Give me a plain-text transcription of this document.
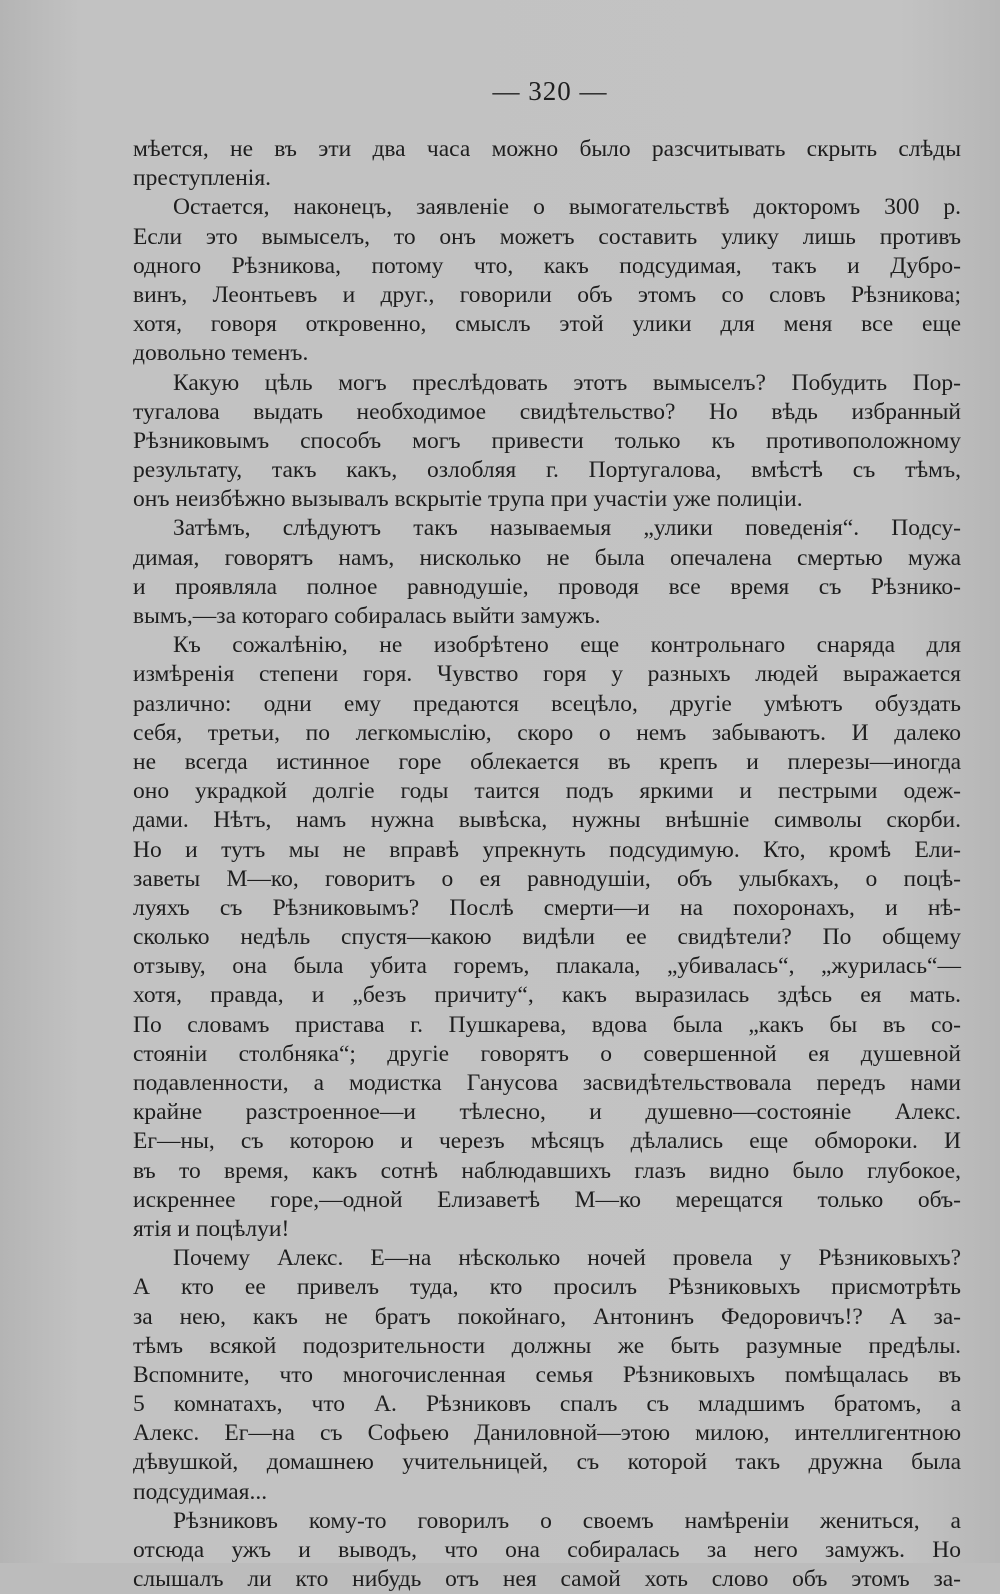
— 320 —
мѣется, не въ эти два часа можно было разсчитывать скрыть слѣды
преступленія.
Остается, наконецъ, заявленіе о вымогательствѣ докторомъ 300 р.
Если это вымыселъ, то онъ можетъ составить улику лишь противъ
одного Рѣзникова, потому что, какъ подсудимая, такъ и Дубро-
винъ, Леонтьевъ и друг., говорили объ этомъ со словъ Рѣзникова;
хотя, говоря откровенно, смыслъ этой улики для меня все еще
довольно теменъ.
Какую цѣль могъ преслѣдовать этотъ вымыселъ? Побудить Пор-
тугалова выдать необходимое свидѣтельство? Но вѣдь избранный
Рѣзниковымъ способъ могъ привести только къ противоположному
результату, такъ какъ, озлобляя г. Португалова, вмѣстѣ съ тѣмъ,
онъ неизбѣжно вызывалъ вскрытіе трупа при участіи уже полиціи.
Затѣмъ, слѣдуютъ такъ называемыя „улики поведенія“. Подсу-
димая, говорятъ намъ, нисколько не была опечалена смертью мужа
и проявляла полное равнодушіе, проводя все время съ Рѣзнико-
вымъ,—за котораго собиралась выйти замужъ.
Къ сожалѣнію, не изобрѣтено еще контрольнаго снаряда для
измѣренія степени горя. Чувство горя у разныхъ людей выражается
различно: одни ему предаются всецѣло, другіе умѣютъ обуздать
себя, третьи, по легкомыслію, скоро о немъ забываютъ. И далеко
не всегда истинное горе облекается въ крепъ и плерезы—иногда
оно украдкой долгіе годы таится подъ яркими и пестрыми одеж-
дами. Нѣтъ, намъ нужна вывѣска, нужны внѣшніе символы скорби.
Но и тутъ мы не вправѣ упрекнуть подсудимую. Кто, кромѣ Ели-
заветы М—ко, говоритъ о ея равнодушіи, объ улыбкахъ, о поцѣ-
луяхъ съ Рѣзниковымъ? Послѣ смерти—и на похоронахъ, и нѣ-
сколько недѣль спустя—какою видѣли ее свидѣтели? По общему
отзыву, она была убита горемъ, плакала, „убивалась“, „журилась“—
хотя, правда, и „безъ причиту“, какъ выразилась здѣсь ея мать.
По словамъ пристава г. Пушкарева, вдова была „какъ бы въ со-
стояніи столбняка“; другіе говорятъ о совершенной ея душевной
подавленности, а модистка Ганусова засвидѣтельствовала передъ нами
крайне разстроенное—и тѣлесно, и душевно—состояніе Алекс.
Ег—ны, съ которою и черезъ мѣсяцъ дѣлались еще обмороки. И
въ то время, какъ сотнѣ наблюдавшихъ глазъ видно было глубокое,
искреннее горе,—одной Елизаветѣ М—ко мерещатся только объ-
ятія и поцѣлуи!
Почему Алекс. Е—на нѣсколько ночей провела у Рѣзниковыхъ?
А кто ее привелъ туда, кто просилъ Рѣзниковыхъ присмотрѣть
за нею, какъ не братъ покойнаго, Антонинъ Федоровичъ!? А за-
тѣмъ всякой подозрительности должны же быть разумные предѣлы.
Вспомните, что многочисленная семья Рѣзниковыхъ помѣщалась въ
5 комнатахъ, что А. Рѣзниковъ спалъ съ младшимъ братомъ, а
Алекс. Ег—на съ Софьею Даниловной—этою милою, интеллигентною
дѣвушкой, домашнею учительницей, съ которой такъ дружна была
подсудимая...
Рѣзниковъ кому-то говорилъ о своемъ намѣреніи жениться, а
отсюда ужъ и выводъ, что она собиралась за него замужъ. Но
слышалъ ли кто нибудь отъ нея самой хоть слово объ этомъ за-
